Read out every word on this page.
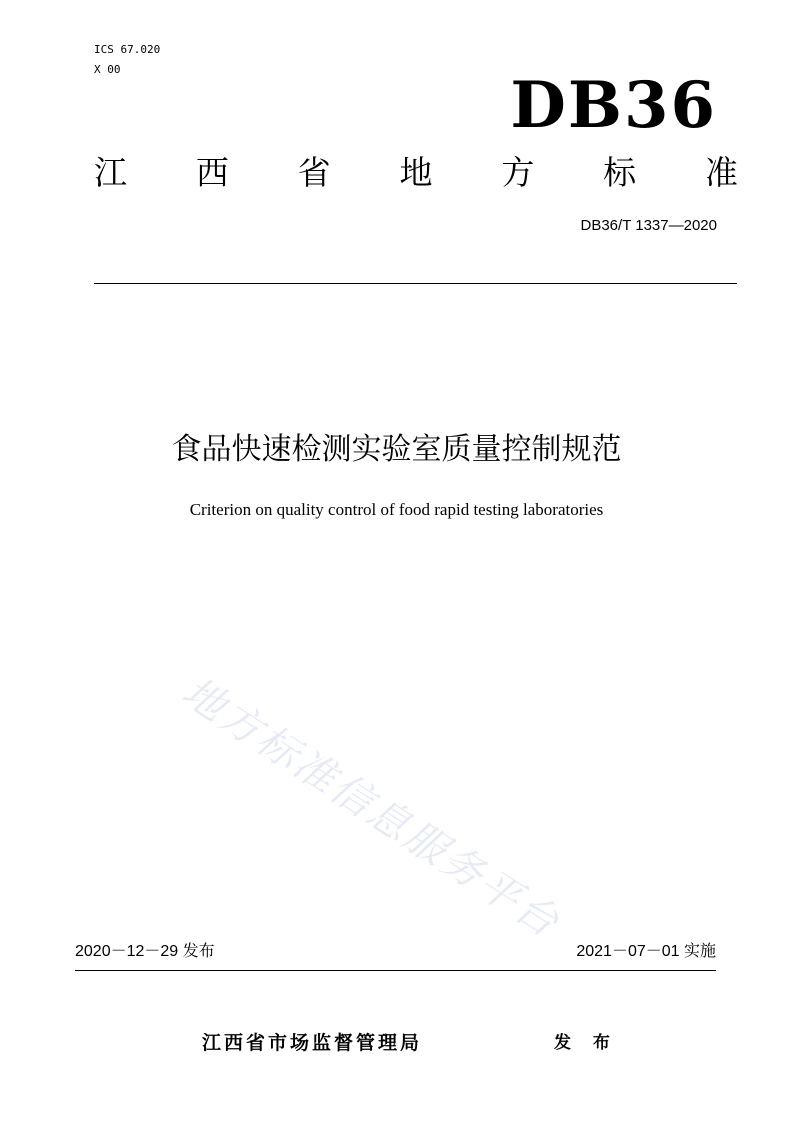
ICS 67.020
X 00	DB36
江 西 省 地 方 标 准
DB36/T 1337—2020
食品快速检测实验室质量控制规范
Criterion on quality control of food rapid testing laboratories
地方标准信息服务平台
2020－12－29 发布	2021－07－01 实施
江西省市场监督管理局	发 布
